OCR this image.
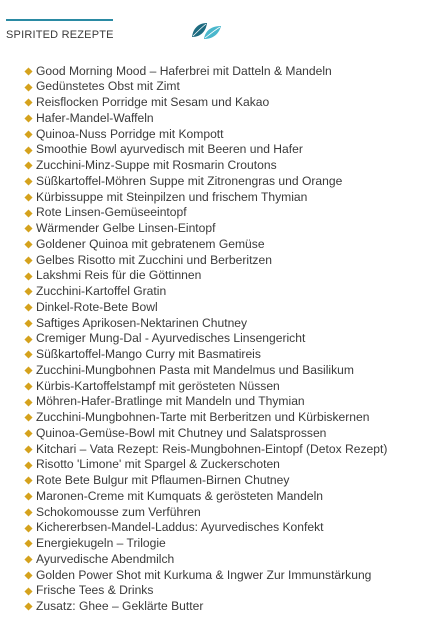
SPIRITED REZEPTE
Good Morning Mood – Haferbrei mit Datteln & Mandeln
Gedünstetes Obst mit Zimt
Reisflocken Porridge mit Sesam und Kakao
Hafer-Mandel-Waffeln
Quinoa-Nuss Porridge mit Kompott
Smoothie Bowl ayurvedisch mit Beeren und Hafer
Zucchini-Minz-Suppe mit Rosmarin Croutons
Süßkartoffel-Möhren Suppe mit Zitronengras und Orange
Kürbissuppe mit Steinpilzen und frischem Thymian
Rote Linsen-Gemüseeintopf
Wärmender Gelbe Linsen-Eintopf
Goldener Quinoa mit gebratenem Gemüse
Gelbes Risotto mit Zucchini und Berberitzen
Lakshmi Reis für die Göttinnen
Zucchini-Kartoffel Gratin
Dinkel-Rote-Bete Bowl
Saftiges Aprikosen-Nektarinen Chutney
Cremiger Mung-Dal - Ayurvedisches Linsengericht
Süßkartoffel-Mango Curry mit Basmatireis
Zucchini-Mungbohnen Pasta mit Mandelmus und Basilikum
Kürbis-Kartoffelstampf mit gerösteten Nüssen
Möhren-Hafer-Bratlinge mit Mandeln und Thymian
Zucchini-Mungbohnen-Tarte mit Berberitzen und Kürbiskernen
Quinoa-Gemüse-Bowl mit Chutney und Salatsprossen
Kitchari – Vata Rezept: Reis-Mungbohnen-Eintopf (Detox Rezept)
Risotto 'Limone' mit Spargel & Zuckerschoten
Rote Bete Bulgur mit Pflaumen-Birnen Chutney
Maronen-Creme mit Kumquats & gerösteten Mandeln
Schokomousse zum Verführen
Kichererbsen-Mandel-Laddus: Ayurvedisches Konfekt
Energiekugeln – Trilogie
Ayurvedische Abendmilch
Golden Power Shot mit Kurkuma & Ingwer Zur Immunstärkung
Frische Tees & Drinks
Zusatz: Ghee – Geklärte Butter
